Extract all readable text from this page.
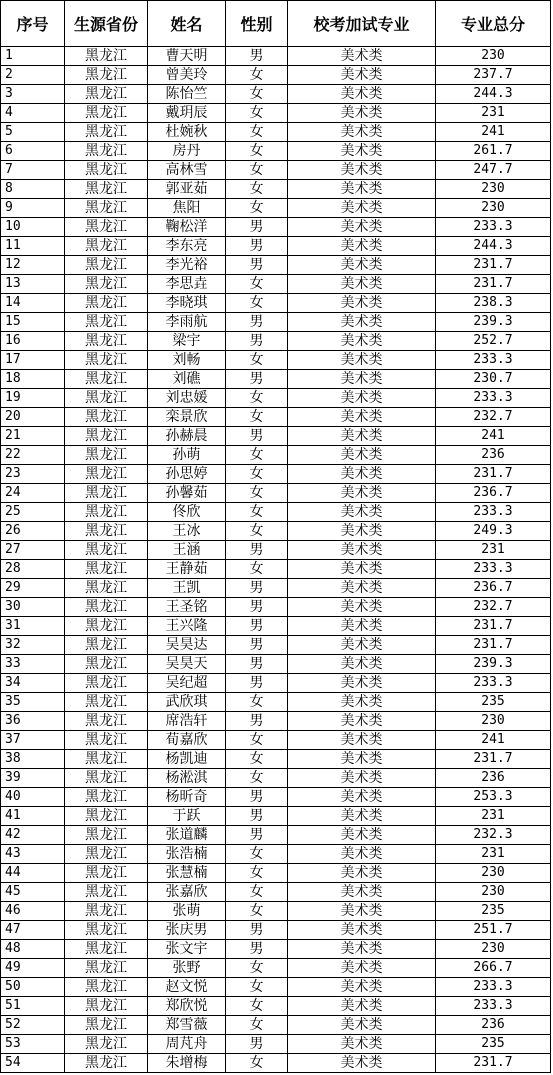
序号	生源省份	姓名	性别	校考加试专业	专业总分
1	黑龙江	曹天明	男	美术类	230
2	黑龙江	曾美玲	女	美术类	237.7
3	黑龙江	陈怡竺	女	美术类	244.3
4	黑龙江	戴玥辰	女	美术类	231
5	黑龙江	杜婉秋	女	美术类	241
6	黑龙江	房丹	女	美术类	261.7
7	黑龙江	高林雪	女	美术类	247.7
8	黑龙江	郭亚茹	女	美术类	230
9	黑龙江	焦阳	女	美术类	230
10	黑龙江	鞠松洋	男	美术类	233.3
11	黑龙江	李东亮	男	美术类	244.3
12	黑龙江	李光裕	男	美术类	231.7
13	黑龙江	李思垚	女	美术类	231.7
14	黑龙江	李晓琪	女	美术类	238.3
15	黑龙江	李雨航	男	美术类	239.3
16	黑龙江	梁宇	男	美术类	252.7
17	黑龙江	刘畅	女	美术类	233.3
18	黑龙江	刘礁	男	美术类	230.7
19	黑龙江	刘忠媛	女	美术类	233.3
20	黑龙江	栾景欣	女	美术类	232.7
21	黑龙江	孙赫晨	男	美术类	241
22	黑龙江	孙萌	女	美术类	236
23	黑龙江	孙思婷	女	美术类	231.7
24	黑龙江	孙馨茹	女	美术类	236.7
25	黑龙江	佟欣	女	美术类	233.3
26	黑龙江	王冰	女	美术类	249.3
27	黑龙江	王涵	男	美术类	231
28	黑龙江	王静茹	女	美术类	233.3
29	黑龙江	王凯	男	美术类	236.7
30	黑龙江	王圣铭	男	美术类	232.7
31	黑龙江	王兴隆	男	美术类	231.7
32	黑龙江	吴昊达	男	美术类	231.7
33	黑龙江	吴昊天	男	美术类	239.3
34	黑龙江	吴纪超	男	美术类	233.3
35	黑龙江	武欣琪	女	美术类	235
36	黑龙江	席浩轩	男	美术类	230
37	黑龙江	荀嘉欣	女	美术类	241
38	黑龙江	杨凯迪	女	美术类	231.7
39	黑龙江	杨淞淇	女	美术类	236
40	黑龙江	杨昕奇	男	美术类	253.3
41	黑龙江	于跃	男	美术类	231
42	黑龙江	张道麟	男	美术类	232.3
43	黑龙江	张浩楠	女	美术类	231
44	黑龙江	张慧楠	女	美术类	230
45	黑龙江	张嘉欣	女	美术类	230
46	黑龙江	张萌	女	美术类	235
47	黑龙江	张庆男	男	美术类	251.7
48	黑龙江	张文宇	男	美术类	230
49	黑龙江	张野	女	美术类	266.7
50	黑龙江	赵文悦	女	美术类	233.3
51	黑龙江	郑欣悦	女	美术类	233.3
52	黑龙江	郑雪薇	女	美术类	236
53	黑龙江	周芃舟	男	美术类	235
54	黑龙江	朱增梅	女	美术类	231.7
